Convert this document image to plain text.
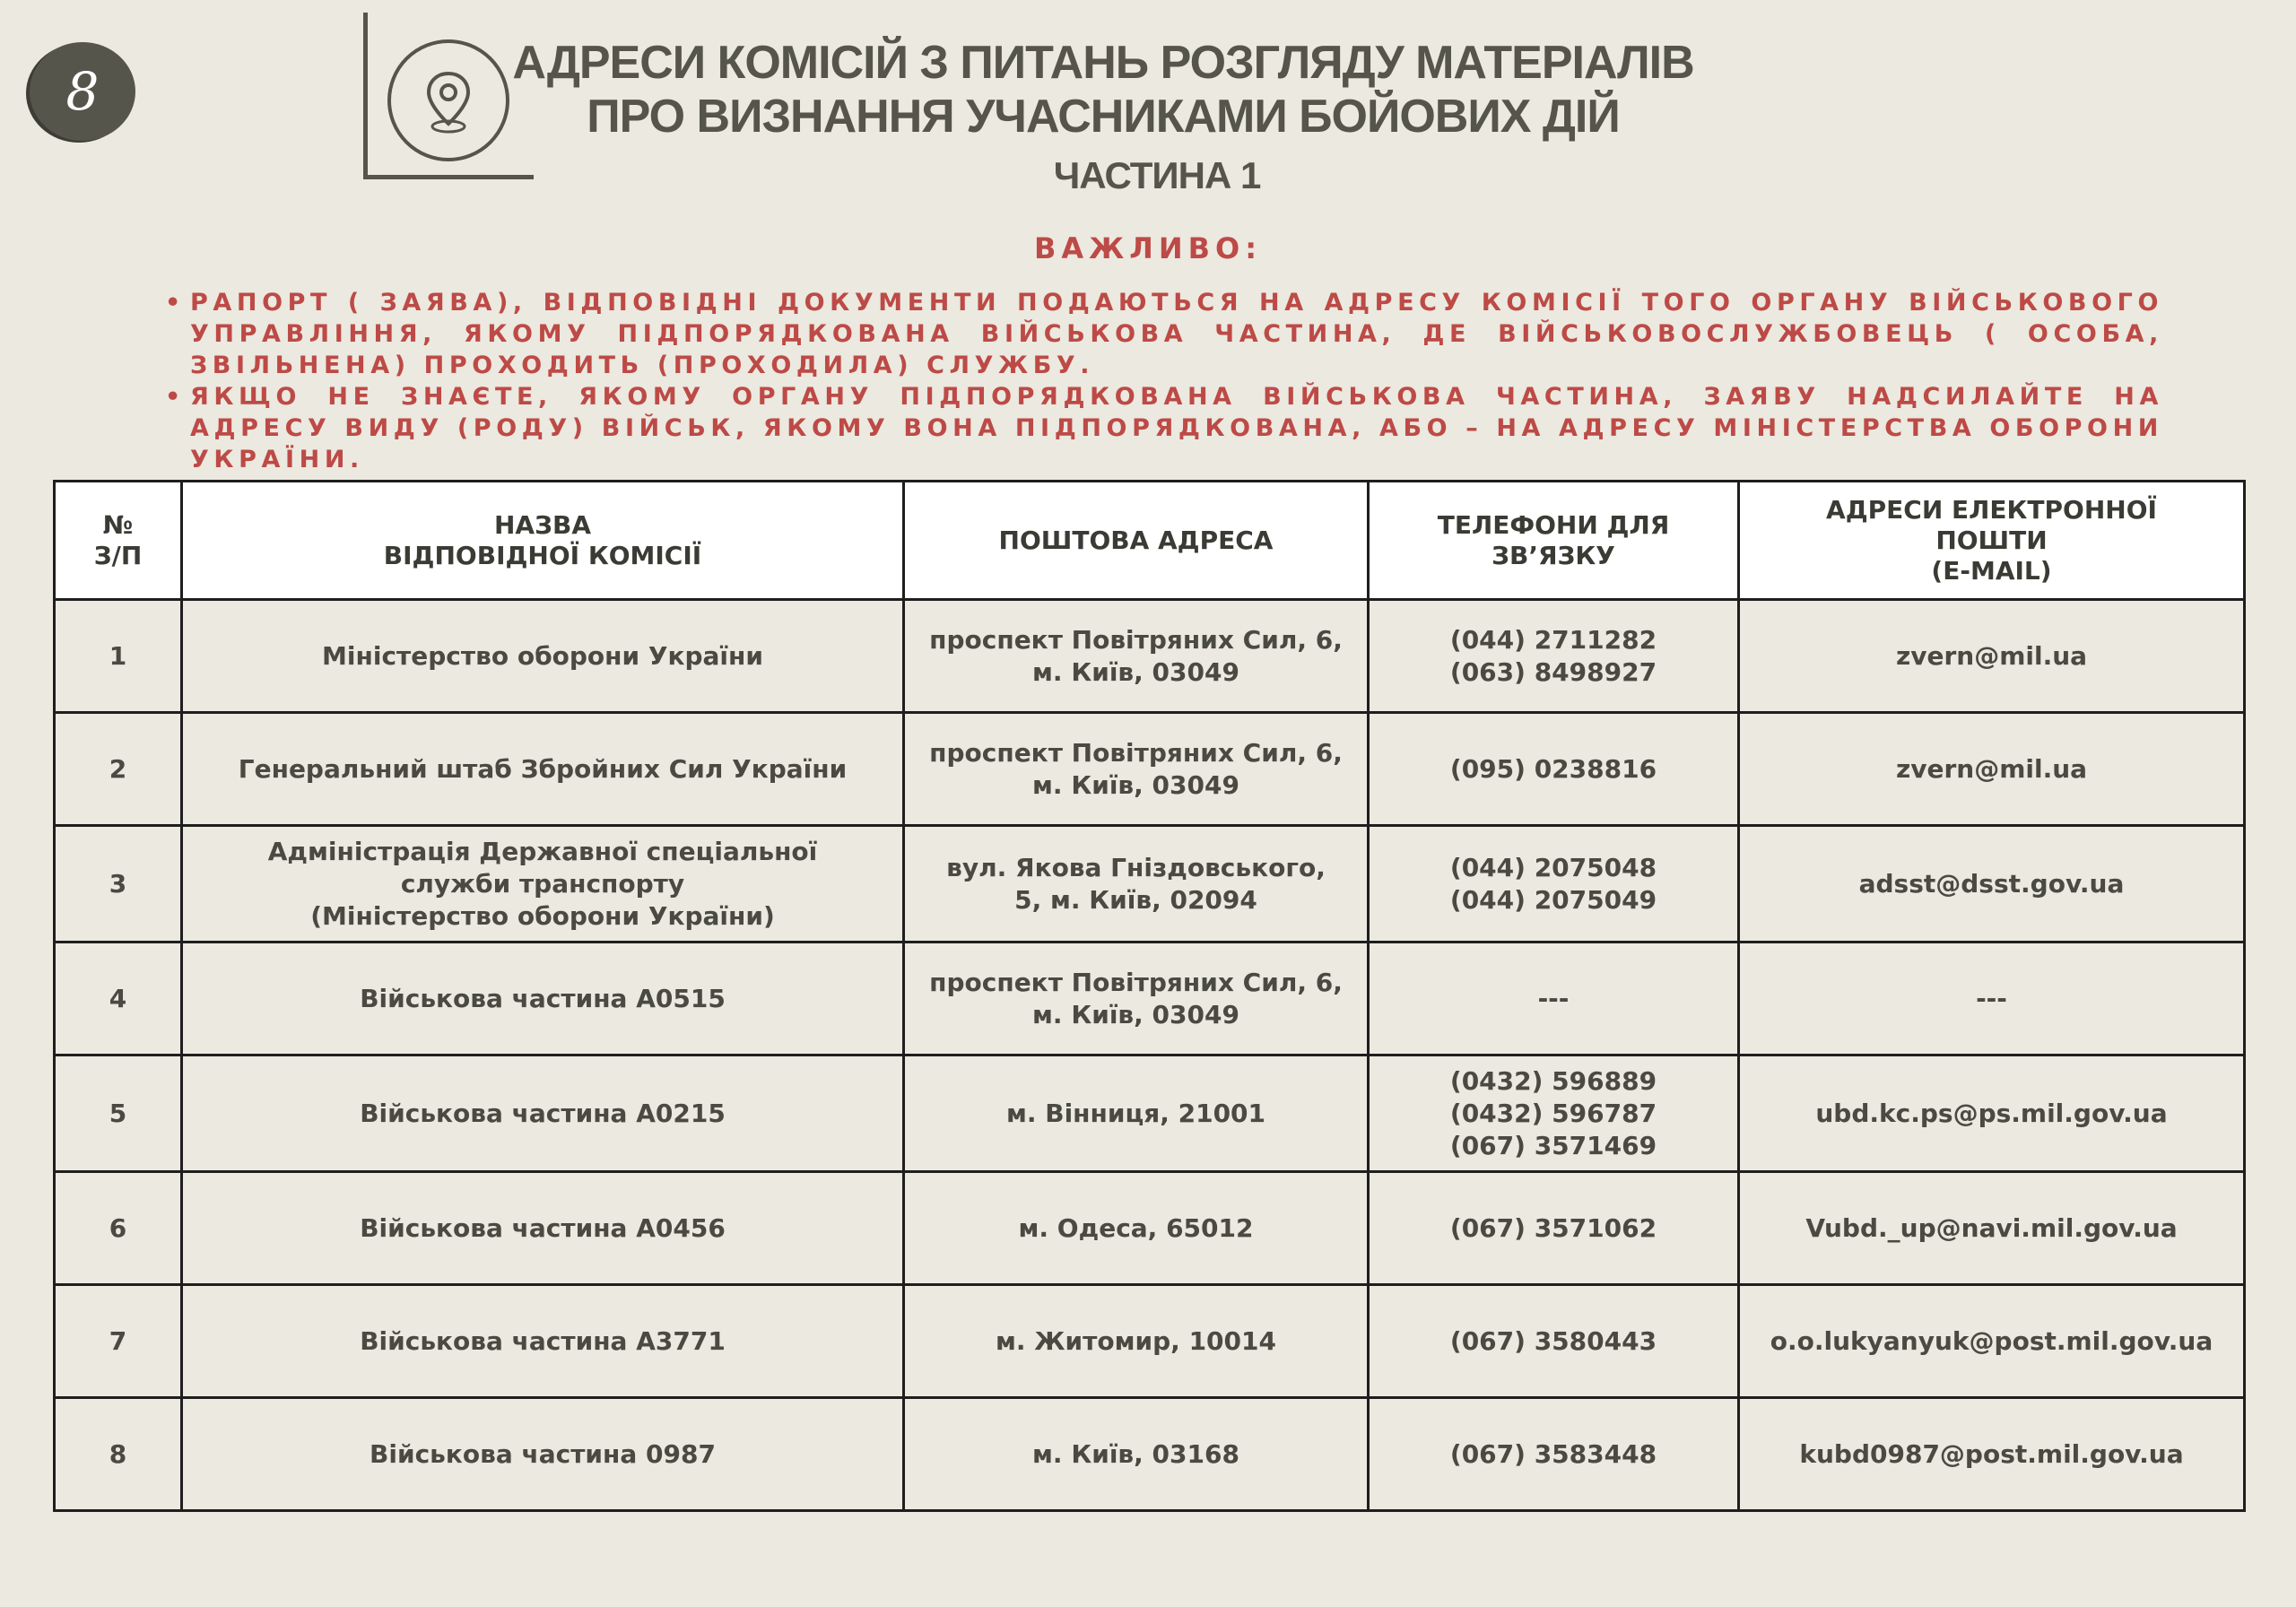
8	АДРЕСИ КОМІСІЙ З ПИТАНЬ РОЗГЛЯДУ МАТЕРІАЛІВ
ПРО ВИЗНАННЯ УЧАСНИКАМИ БОЙОВИХ ДІЙ
ЧАСТИНА 1
ВАЖЛИВО:

• РАПОРТ ( ЗАЯВА), ВІДПОВІДНІ ДОКУМЕНТИ ПОДАЮТЬСЯ НА АДРЕСУ КОМІСІЇ ТОГО ОРГАНУ ВІЙСЬКОВОГО УПРАВЛІННЯ, ЯКОМУ ПІДПОРЯДКОВАНА ВІЙСЬКОВА ЧАСТИНА, ДЕ ВІЙСЬКОВОСЛУЖБОВЕЦЬ ( ОСОБА, ЗВІЛЬНЕНА) ПРОХОДИТЬ (ПРОХОДИЛА) СЛУЖБУ.

• ЯКЩО НЕ ЗНАЄТЕ, ЯКОМУ ОРГАНУ ПІДПОРЯДКОВАНА ВІЙСЬКОВА ЧАСТИНА, ЗАЯВУ НАДСИЛАЙТЕ НА АДРЕСУ ВИДУ (РОДУ) ВІЙСЬК, ЯКОМУ ВОНА ПІДПОРЯДКОВАНА, АБО – НА АДРЕСУ МІНІСТЕРСТВА ОБОРОНИ УКРАЇНИ.

№
З/П	НАЗВА
ВІДПОВІДНОЇ КОМІСІЇ	ПОШТОВА АДРЕСА	ТЕЛЕФОНИ ДЛЯ
ЗВ’ЯЗКУ	АДРЕСИ ЕЛЕКТРОННОЇ
ПОШТИ
(E-MAIL)
1	Міністерство оборони України	проспект Повітряних Сил, 6,
м. Київ, 03049	(044) 2711282
(063) 8498927	zvern@mil.ua
2	Генеральний штаб Збройних Сил України	проспект Повітряних Сил, 6,
м. Київ, 03049	(095) 0238816	zvern@mil.ua
3	Адміністрація Державної спеціальної
служби транспорту
(Міністерство оборони України)	вул. Якова Гніздовського,
5, м. Київ, 02094	(044) 2075048
(044) 2075049	adsst@dsst.gov.ua
4	Військова частина А0515	проспект Повітряних Сил, 6,
м. Київ, 03049	---	---
5	Військова частина А0215	м. Вінниця, 21001	(0432) 596889
(0432) 596787
(067) 3571469	ubd.kc.ps@ps.mil.gov.ua
6	Військова частина А0456	м. Одеса, 65012	(067) 3571062	Vubd._up@navi.mil.gov.ua
7	Військова частина А3771	м. Житомир, 10014	(067) 3580443	o.o.lukyanyuk@post.mil.gov.ua
8	Військова частина 0987	м. Київ, 03168	(067) 3583448	kubd0987@post.mil.gov.ua
